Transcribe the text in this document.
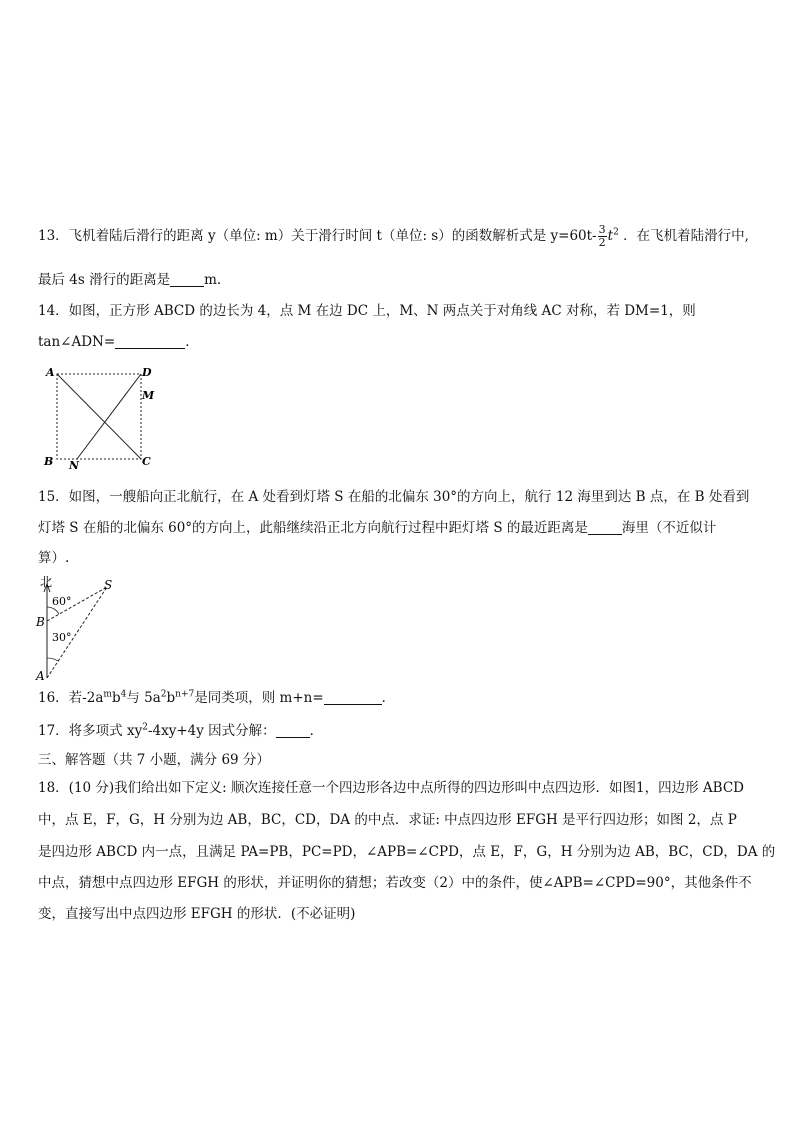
13．飞机着陆后滑行的距离 y（单位: m）关于滑行时间 t（单位: s）的函数解析式是 $y=60t- \frac{3}{2} t^2$ ．在飞机着陆滑行中,
最后 4s 滑行的距离是	m.
14．如图，正方形 ABCD 的边长为 4，点 M 在边 DC 上，M、N 两点关于对角线 AC 对称，若 DM=1，则
tan∠ADN=	．
A	D
M
B N	C
15．如图，一艘船向正北航行，在 A 处看到灯塔 S 在船的北偏东 30°的方向上，航行 12 海里到达 B 点，在 B 处看到
灯塔 S 在船的北偏东 60°的方向上，此船继续沿正北方向航行过程中距灯塔 S 的最近距离是	海里（不近似计
算）.
北	S
B
A
60°
30°
16．若$-2a^mb^4$与 $5a^2b^{n+7}$是同类项，则 m+n=	．
17．将多项式 $xy^2-4xy+4y$ 因式分解：	．
三、解答题（共 7 小题，满分 69 分）
18．(10 分)我们给出如下定义: 顺次连接任意一个四边形各边中点所得的四边形叫中点四边形．如图1，四边形 ABCD
中，点 E，F，G，H 分别为边 AB，BC，CD，DA 的中点．求证: 中点四边形 EFGH 是平行四边形；如图 2，点 P
是四边形 ABCD 内一点，且满足 PA=PB，PC=PD，∠APB=∠CPD，点 E，F，G，H 分别为边 AB，BC，CD，DA 的
中点，猜想中点四边形 EFGH 的形状，并证明你的猜想；若改变（2）中的条件，使∠APB=∠CPD=90°，其他条件不
变，直接写出中点四边形 EFGH 的形状．(不必证明)
